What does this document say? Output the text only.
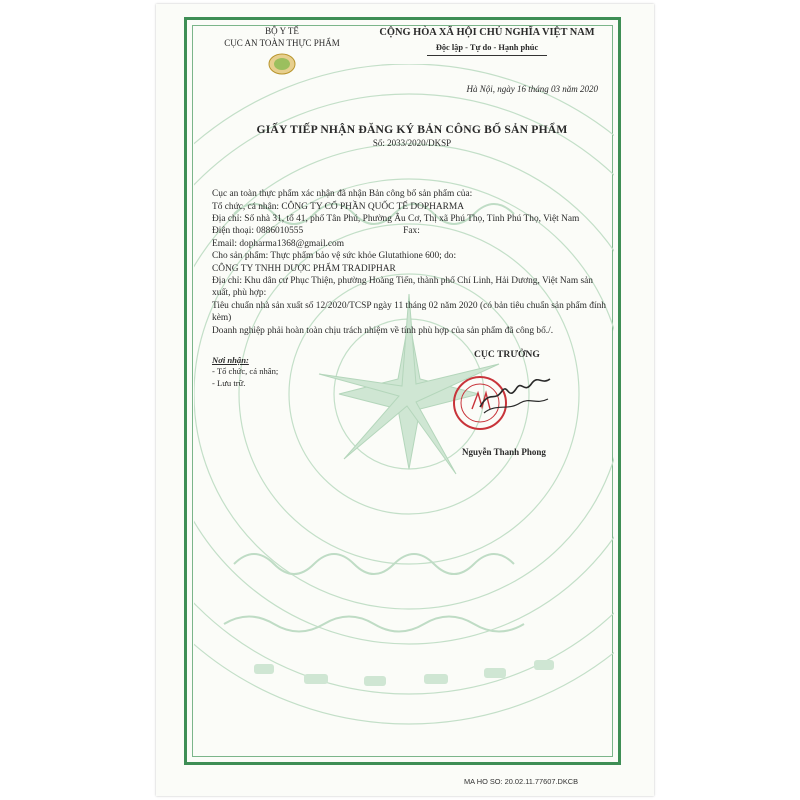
BỘ Y TẾ
CỤC AN TOÀN THỰC PHẨM
CỘNG HÒA XÃ HỘI CHỦ NGHĨA VIỆT NAM
Độc lập - Tự do - Hạnh phúc
Hà Nội, ngày 16 tháng 03 năm 2020
GIẤY TIẾP NHẬN ĐĂNG KÝ BẢN CÔNG BỐ SẢN PHẨM
Số: 2033/2020/DKSP

Cục an toàn thực phẩm xác nhận đã nhận Bản công bố sản phẩm của:

Tổ chức, cá nhân: CÔNG TY CỔ PHẦN QUỐC TẾ DOPHARMA

Địa chỉ: Số nhà 31, tổ 41, phố Tân Phú, Phường Âu Cơ, Thị xã Phú Thọ, Tỉnh Phú Thọ, Việt Nam

Điện thoại: 0886010555	Fax:

Email: dopharma1368@gmail.com

Cho sản phẩm: Thực phẩm bảo vệ sức khỏe Glutathione 600; do:

CÔNG TY TNHH DƯỢC PHẨM TRADIPHAR

Địa chỉ: Khu dân cư Phục Thiện, phường Hoàng Tiến, thành phố Chí Linh, Hải Dương, Việt Nam sản xuất, phù hợp:

Tiêu chuẩn nhà sản xuất số 12/2020/TCSP ngày 11 tháng 02 năm 2020 (có bản tiêu chuẩn sản phẩm đính kèm)

Doanh nghiệp phải hoàn toàn chịu trách nhiệm về tính phù hợp của sản phẩm đã công bố./.

Nơi nhận:
- Tổ chức, cá nhân;
- Lưu trữ.
CỤC TRƯỞNG
Nguyễn Thanh Phong
MA HO SO: 20.02.11.77607.DKCB
